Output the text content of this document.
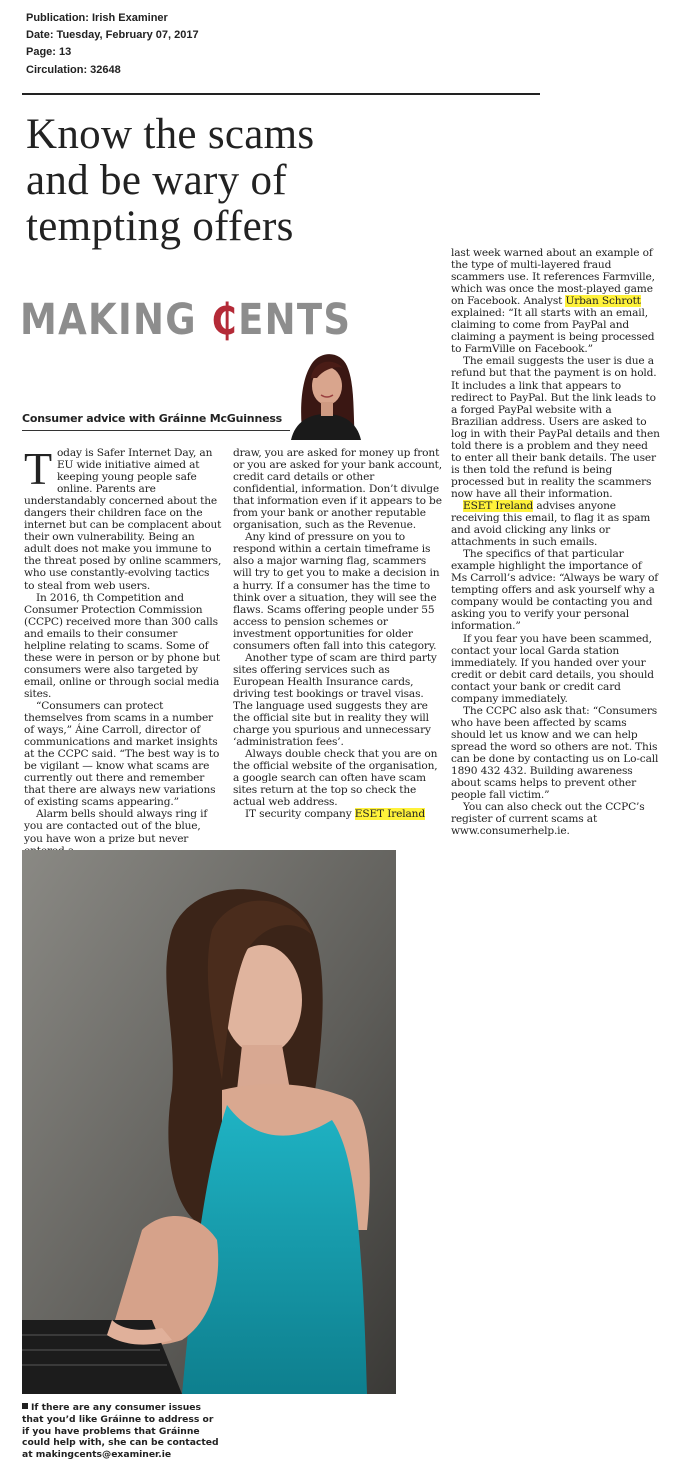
Publication: Irish Examiner
Date: Tuesday, February 07, 2017
Page: 13
Circulation: 32648
Know the scams
and be wary of
tempting offers
MAKING ₵ENTS
Consumer advice with Gráinne McGuinness

Today is Safer Internet Day, an EU wide initiative aimed at keeping young people safe online. Parents are understandably concerned about the dangers their children face on the internet but can be complacent about their own vulnerability. Being an adult does not make you immune to the threat posed by online scammers, who use constantly-evolving tactics to steal from web users.

In 2016, th Competition and Consumer Protection Commission (CCPC) received more than 300 calls and emails to their consumer helpline relating to scams. Some of these were in person or by phone but consumers were also targeted by email, online or through social media sites.

“Consumers can protect themselves from scams in a number of ways,” Áine Carroll, director of communications and market insights at the CCPC said. “The best way is to be vigilant — know what scams are currently out there and remember that there are always new variations of existing scams appearing.”

Alarm bells should always ring if you are contacted out of the blue, you have won a prize but never

draw, you are asked for money up front or you are asked for your bank account, credit card details or other confidential, information. Don’t divulge that information even if it appears to be from your bank or another reputable organisation, such as the Revenue.

Any kind of pressure on you to respond within a certain timeframe is also a major warning flag, scammers will try to get you to make a decision in a hurry. If a consumer has the time to think over a situation, they will see the flaws. Scams offering people under 55 access to pension schemes or investment opportunities for older consumers often fall into this category.

Another type of scam are third party sites offering services such as European Health Insurance cards, driving test bookings or travel visas. The language used suggests they are the official site but in reality they will charge you spurious and unnecessary ‘administration fees’.

Always double check that you are on the official website of the organisation, a google search can often have scam sites return at the top so check the actual web address.

IT security company ESET Ireland

last week warned about an example of the type of multi-layered fraud scammers use. It references Farmville, which was once the most-played game on Facebook. Analyst Urban Schrott explained: “It all starts with an email, claiming to come from PayPal and claiming a payment is being processed to FarmVille on Facebook.”

The email suggests the user is due a refund but that the payment is on hold. It includes a link that appears to redirect to PayPal. But the link leads to a forged PayPal website with a Brazilian address. Users are asked to log in with their PayPal details and then told there is a problem and they need to enter all their bank details. The user is then told the refund is being processed but in reality the scammers now have all their information.

ESET Ireland advises anyone receiving this email, to flag it as spam and avoid clicking any links or attachments in such emails.

The specifics of that particular example highlight the importance of Ms Carroll’s advice: “Always be wary of tempting offers and ask yourself why a company would be contacting you and asking you to verify your personal information.”

If you fear you have been scammed, contact your local Garda station immediately. If you handed over your credit or debit card details, you should contact your bank or credit card company immediately.

The CCPC also ask that: “Consumers who have been affected by scams should let us know and we can help spread the word so others are not. This can be done by contacting us on Lo-call 1890 432 432. Building awareness about scams helps to prevent other people fall victim.”

You can also check out the CCPC’s register of current scams at www.consumerhelp.ie.

If there are any consumer issues that you’d like Gráinne to address or if you have problems that Gráinne could help with, she can be contacted at makingcents@examiner.ie
